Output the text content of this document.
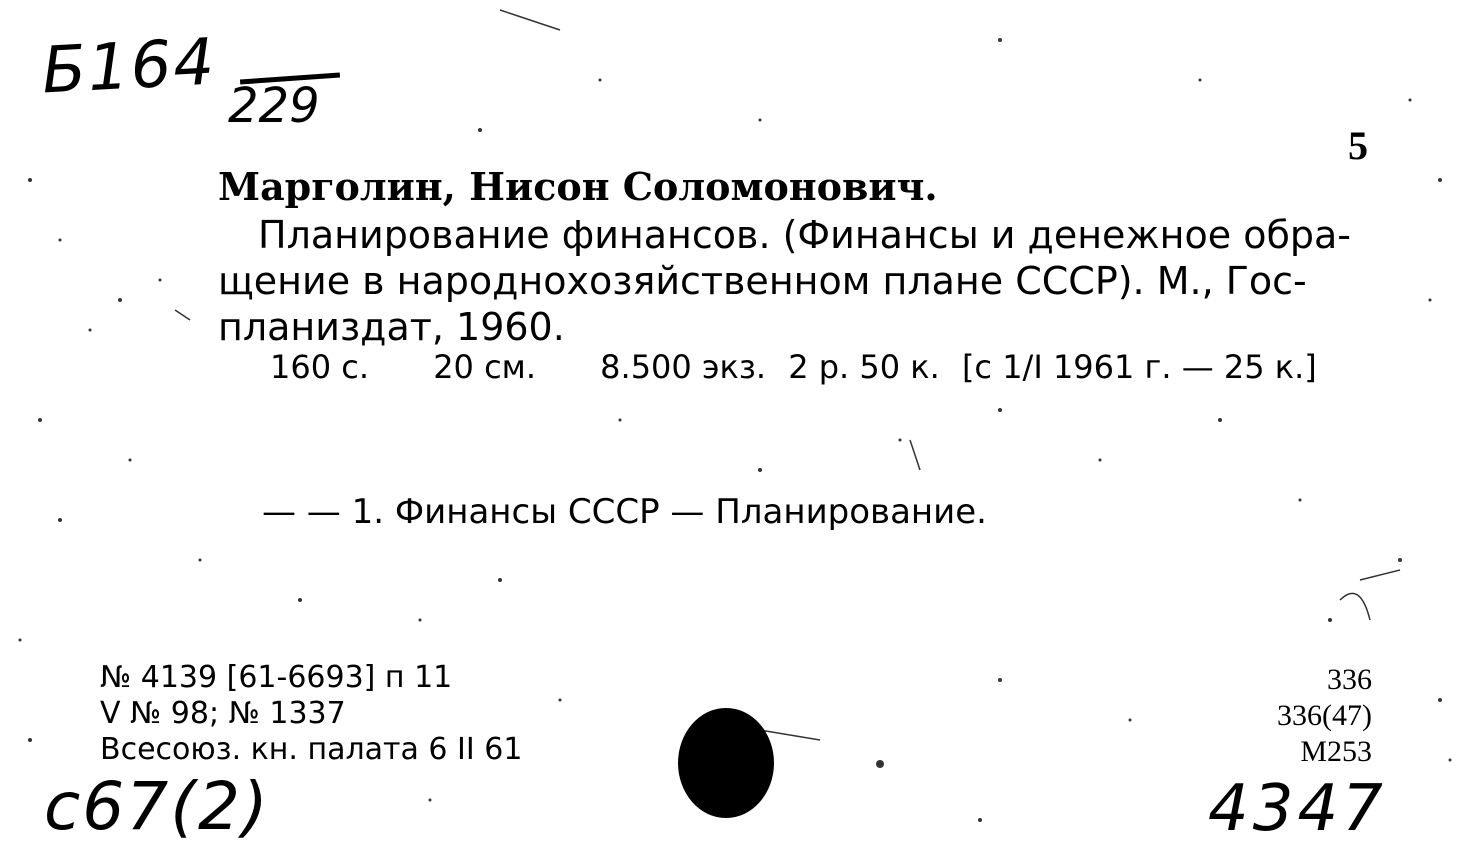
Б164 229
5
Марголин, Нисон Соломонович.
Планирование финансов. (Финансы и денежное обра-
щение в народнохозяйственном плане СССР). М., Гос-
планиздат, 1960.
160 с. 20 см. 8.500 экз. 2 р. 50 к. [с 1/I 1961 г. — 25 к.]
— — 1. Финансы СССР — Планирование.
№ 4139 [61-6693] п 11
V № 98; № 1337
Всесоюз. кн. палата 6 II 61
336
336(47)
М253
с67(2)	4347
